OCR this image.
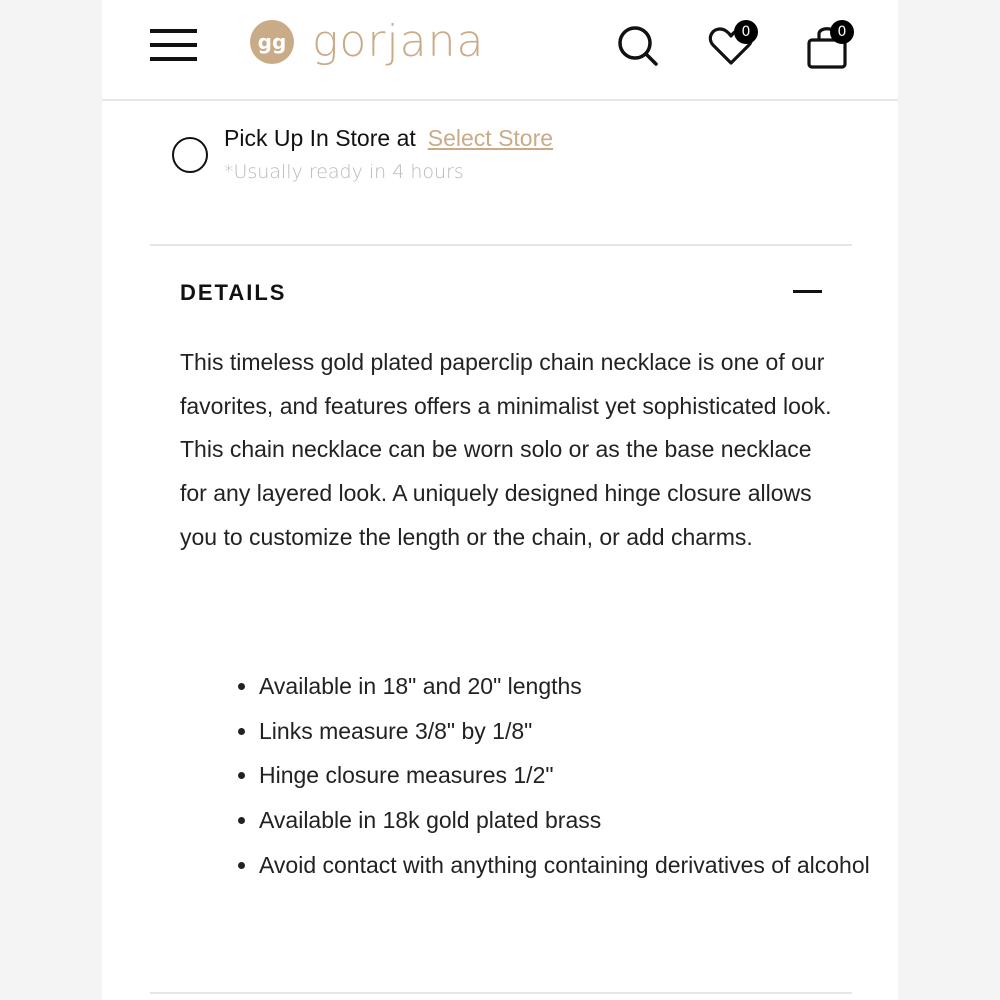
gg gorjana	0	0
Pick Up In Store at Select Store
*Usually ready in 4 hours
DETAILS

This timeless gold plated paperclip chain necklace is one of our favorites, and features offers a minimalist yet sophisticated look. This chain necklace can be worn solo or as the base necklace for any layered look. A uniquely designed hinge closure allows you to customize the length or the chain, or add charms.

• Available in 18" and 20" lengths
• Links measure 3/8" by 1/8"
• Hinge closure measures 1/2"
• Available in 18k gold plated brass
• Avoid contact with anything containing derivatives of alcohol
